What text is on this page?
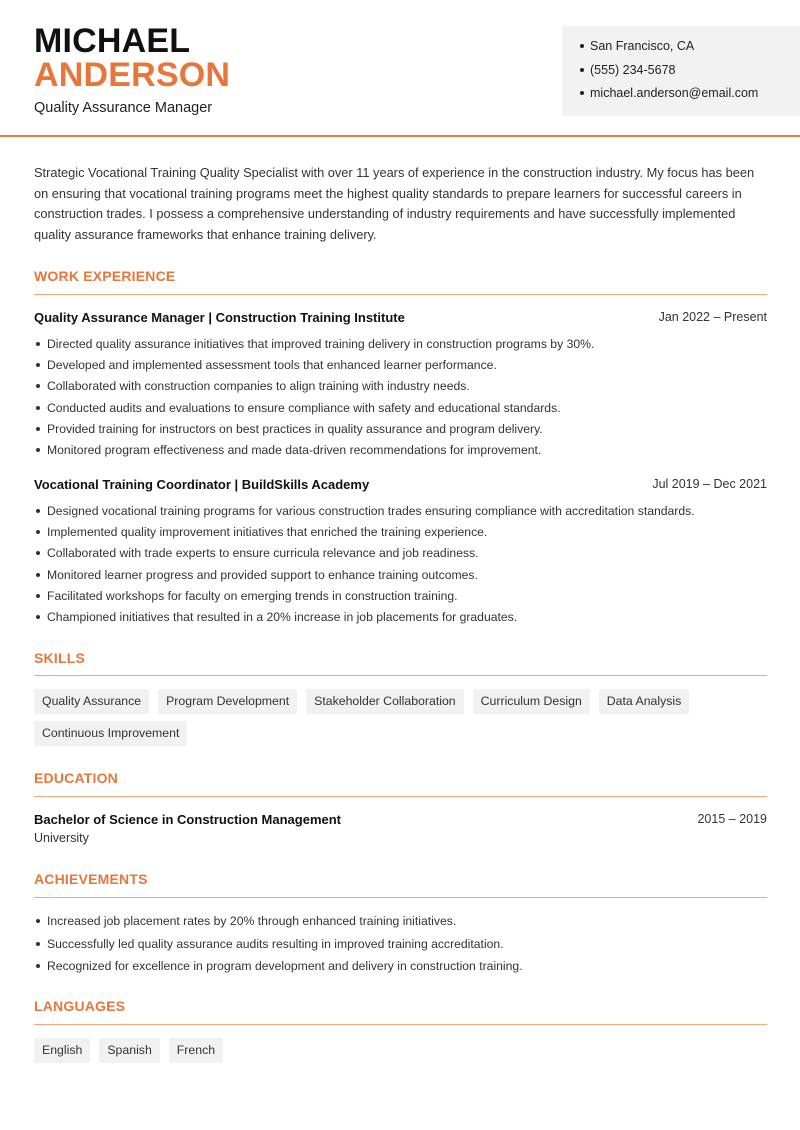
MICHAEL
ANDERSON
Quality Assurance Manager
San Francisco, CA
(555) 234-5678
michael.anderson@email.com
Strategic Vocational Training Quality Specialist with over 11 years of experience in the construction industry. My focus has been on ensuring that vocational training programs meet the highest quality standards to prepare learners for successful careers in construction trades. I possess a comprehensive understanding of industry requirements and have successfully implemented quality assurance frameworks that enhance training delivery.
WORK EXPERIENCE
Quality Assurance Manager | Construction Training Institute	Jan 2022 – Present
Directed quality assurance initiatives that improved training delivery in construction programs by 30%.
Developed and implemented assessment tools that enhanced learner performance.
Collaborated with construction companies to align training with industry needs.
Conducted audits and evaluations to ensure compliance with safety and educational standards.
Provided training for instructors on best practices in quality assurance and program delivery.
Monitored program effectiveness and made data-driven recommendations for improvement.
Vocational Training Coordinator | BuildSkills Academy	Jul 2019 – Dec 2021
Designed vocational training programs for various construction trades ensuring compliance with accreditation standards.
Implemented quality improvement initiatives that enriched the training experience.
Collaborated with trade experts to ensure curricula relevance and job readiness.
Monitored learner progress and provided support to enhance training outcomes.
Facilitated workshops for faculty on emerging trends in construction training.
Championed initiatives that resulted in a 20% increase in job placements for graduates.
SKILLS
Quality Assurance	Program Development	Stakeholder Collaboration	Curriculum Design	Data Analysis
Continuous Improvement
EDUCATION
Bachelor of Science in Construction Management	2015 – 2019
University
ACHIEVEMENTS
Increased job placement rates by 20% through enhanced training initiatives.
Successfully led quality assurance audits resulting in improved training accreditation.
Recognized for excellence in program development and delivery in construction training.
LANGUAGES
English	Spanish	French
